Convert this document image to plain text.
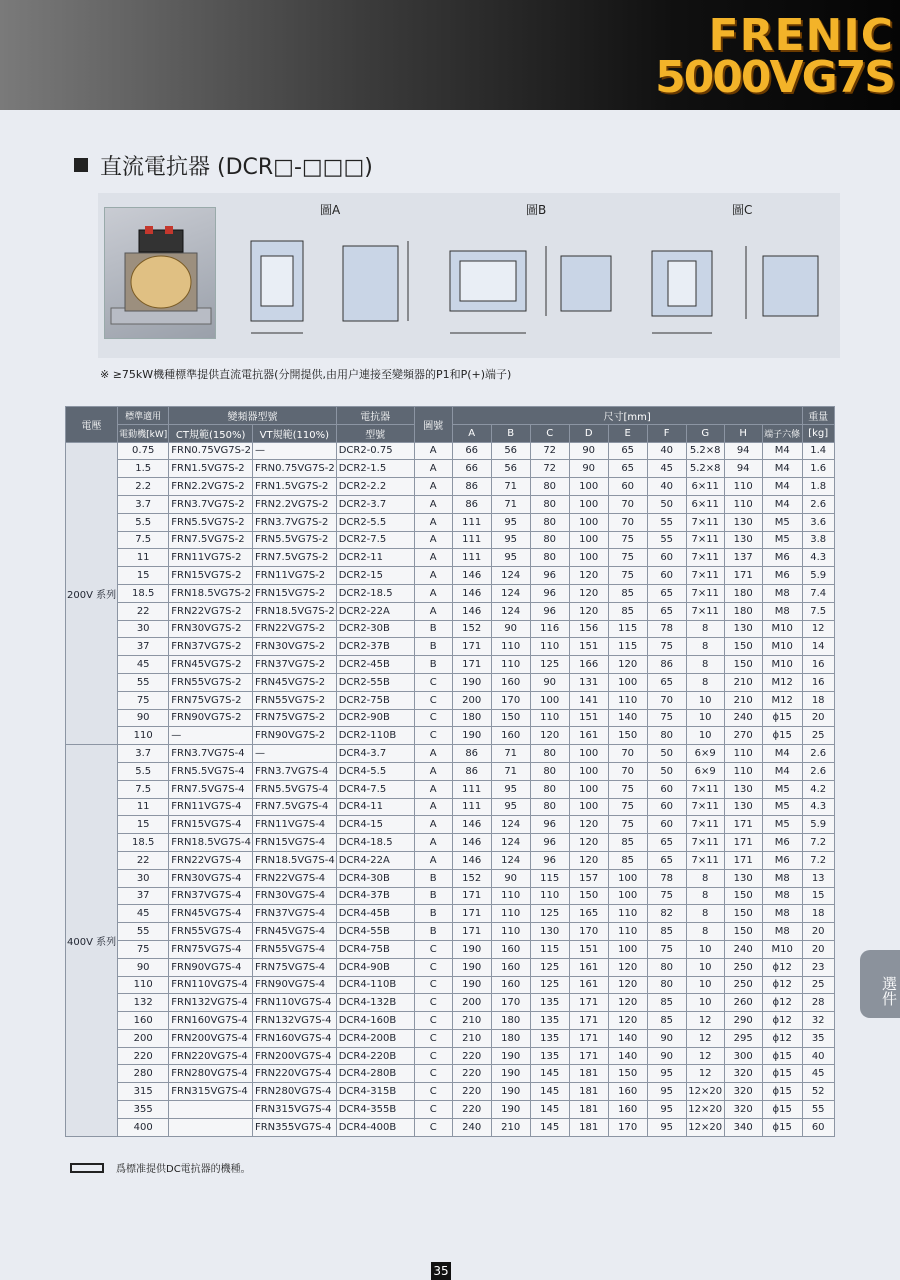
FRENIC
5000VG7S
直流電抗器 (DCR□-□□□)
圖A	圖B	圖C
※ ≥75kW機種標準提供直流電抗器(分開提供,由用户連接至變頻器的P1和P(+)端子)
電壓	標準適用	變頻器型號		電抗器	圖號	尺寸[mm]									重量
	電動機[kW]	CT規範(150%)	VT規範(110%)	型號		A	B	C	D	E	F	G	H	端子六條	[kg]
200V 系列	0.75	FRN0.75VG7S-2	—	DCR2-0.75	A	66	56	72	90	65	40	5.2×8	94	M4	1.4
	1.5	FRN1.5VG7S-2	FRN0.75VG7S-2	DCR2-1.5	A	66	56	72	90	65	45	5.2×8	94	M4	1.6
	2.2	FRN2.2VG7S-2	FRN1.5VG7S-2	DCR2-2.2	A	86	71	80	100	60	40	6×11	110	M4	1.8
	3.7	FRN3.7VG7S-2	FRN2.2VG7S-2	DCR2-3.7	A	86	71	80	100	70	50	6×11	110	M4	2.6
	5.5	FRN5.5VG7S-2	FRN3.7VG7S-2	DCR2-5.5	A	111	95	80	100	70	55	7×11	130	M5	3.6
	7.5	FRN7.5VG7S-2	FRN5.5VG7S-2	DCR2-7.5	A	111	95	80	100	75	55	7×11	130	M5	3.8
	11	FRN11VG7S-2	FRN7.5VG7S-2	DCR2-11	A	111	95	80	100	75	60	7×11	137	M6	4.3
	15	FRN15VG7S-2	FRN11VG7S-2	DCR2-15	A	146	124	96	120	75	60	7×11	171	M6	5.9
	18.5	FRN18.5VG7S-2	FRN15VG7S-2	DCR2-18.5	A	146	124	96	120	85	65	7×11	180	M8	7.4
	22	FRN22VG7S-2	FRN18.5VG7S-2	DCR2-22A	A	146	124	96	120	85	65	7×11	180	M8	7.5
	30	FRN30VG7S-2	FRN22VG7S-2	DCR2-30B	B	152	90	116	156	115	78	8	130	M10	12
	37	FRN37VG7S-2	FRN30VG7S-2	DCR2-37B	B	171	110	110	151	115	75	8	150	M10	14
	45	FRN45VG7S-2	FRN37VG7S-2	DCR2-45B	B	171	110	125	166	120	86	8	150	M10	16
	55	FRN55VG7S-2	FRN45VG7S-2	DCR2-55B	C	190	160	90	131	100	65	8	210	M12	16
	75	FRN75VG7S-2	FRN55VG7S-2	DCR2-75B	C	200	170	100	141	110	70	10	210	M12	18
	90	FRN90VG7S-2	FRN75VG7S-2	DCR2-90B	C	180	150	110	151	140	75	10	240	ϕ15	20
	110	—	FRN90VG7S-2	DCR2-110B	C	190	160	120	161	150	80	10	270	ϕ15	25
400V 系列	3.7	FRN3.7VG7S-4	—	DCR4-3.7	A	86	71	80	100	70	50	6×9	110	M4	2.6
	5.5	FRN5.5VG7S-4	FRN3.7VG7S-4	DCR4-5.5	A	86	71	80	100	70	50	6×9	110	M4	2.6
	7.5	FRN7.5VG7S-4	FRN5.5VG7S-4	DCR4-7.5	A	111	95	80	100	75	60	7×11	130	M5	4.2
	11	FRN11VG7S-4	FRN7.5VG7S-4	DCR4-11	A	111	95	80	100	75	60	7×11	130	M5	4.3
	15	FRN15VG7S-4	FRN11VG7S-4	DCR4-15	A	146	124	96	120	75	60	7×11	171	M5	5.9
	18.5	FRN18.5VG7S-4	FRN15VG7S-4	DCR4-18.5	A	146	124	96	120	85	65	7×11	171	M6	7.2
	22	FRN22VG7S-4	FRN18.5VG7S-4	DCR4-22A	A	146	124	96	120	85	65	7×11	171	M6	7.2
	30	FRN30VG7S-4	FRN22VG7S-4	DCR4-30B	B	152	90	115	157	100	78	8	130	M8	13
	37	FRN37VG7S-4	FRN30VG7S-4	DCR4-37B	B	171	110	110	150	100	75	8	150	M8	15
	45	FRN45VG7S-4	FRN37VG7S-4	DCR4-45B	B	171	110	125	165	110	82	8	150	M8	18
	55	FRN55VG7S-4	FRN45VG7S-4	DCR4-55B	B	171	110	130	170	110	85	8	150	M8	20
	75	FRN75VG7S-4	FRN55VG7S-4	DCR4-75B	C	190	160	115	151	100	75	10	240	M10	20
	90	FRN90VG7S-4	FRN75VG7S-4	DCR4-90B	C	190	160	125	161	120	80	10	250	ϕ12	23
	110	FRN110VG7S-4	FRN90VG7S-4	DCR4-110B	C	190	160	125	161	120	80	10	250	ϕ12	25
	132	FRN132VG7S-4	FRN110VG7S-4	DCR4-132B	C	200	170	135	171	120	85	10	260	ϕ12	28
	160	FRN160VG7S-4	FRN132VG7S-4	DCR4-160B	C	210	180	135	171	120	85	12	290	ϕ12	32
	200	FRN200VG7S-4	FRN160VG7S-4	DCR4-200B	C	210	180	135	171	140	90	12	295	ϕ12	35
	220	FRN220VG7S-4	FRN200VG7S-4	DCR4-220B	C	220	190	135	171	140	90	12	300	ϕ15	40
	280	FRN280VG7S-4	FRN220VG7S-4	DCR4-280B	C	220	190	145	181	150	95	12	320	ϕ15	45
	315	FRN315VG7S-4	FRN280VG7S-4	DCR4-315B	C	220	190	145	181	160	95	12×20	320	ϕ15	52
	355		FRN315VG7S-4	DCR4-355B	C	220	190	145	181	160	95	12×20	320	ϕ15	55
	400		FRN355VG7S-4	DCR4-400B	C	240	210	145	181	170	95	12×20	340	ϕ15	60
爲標准提供DC電抗器的機種。
選件
35
